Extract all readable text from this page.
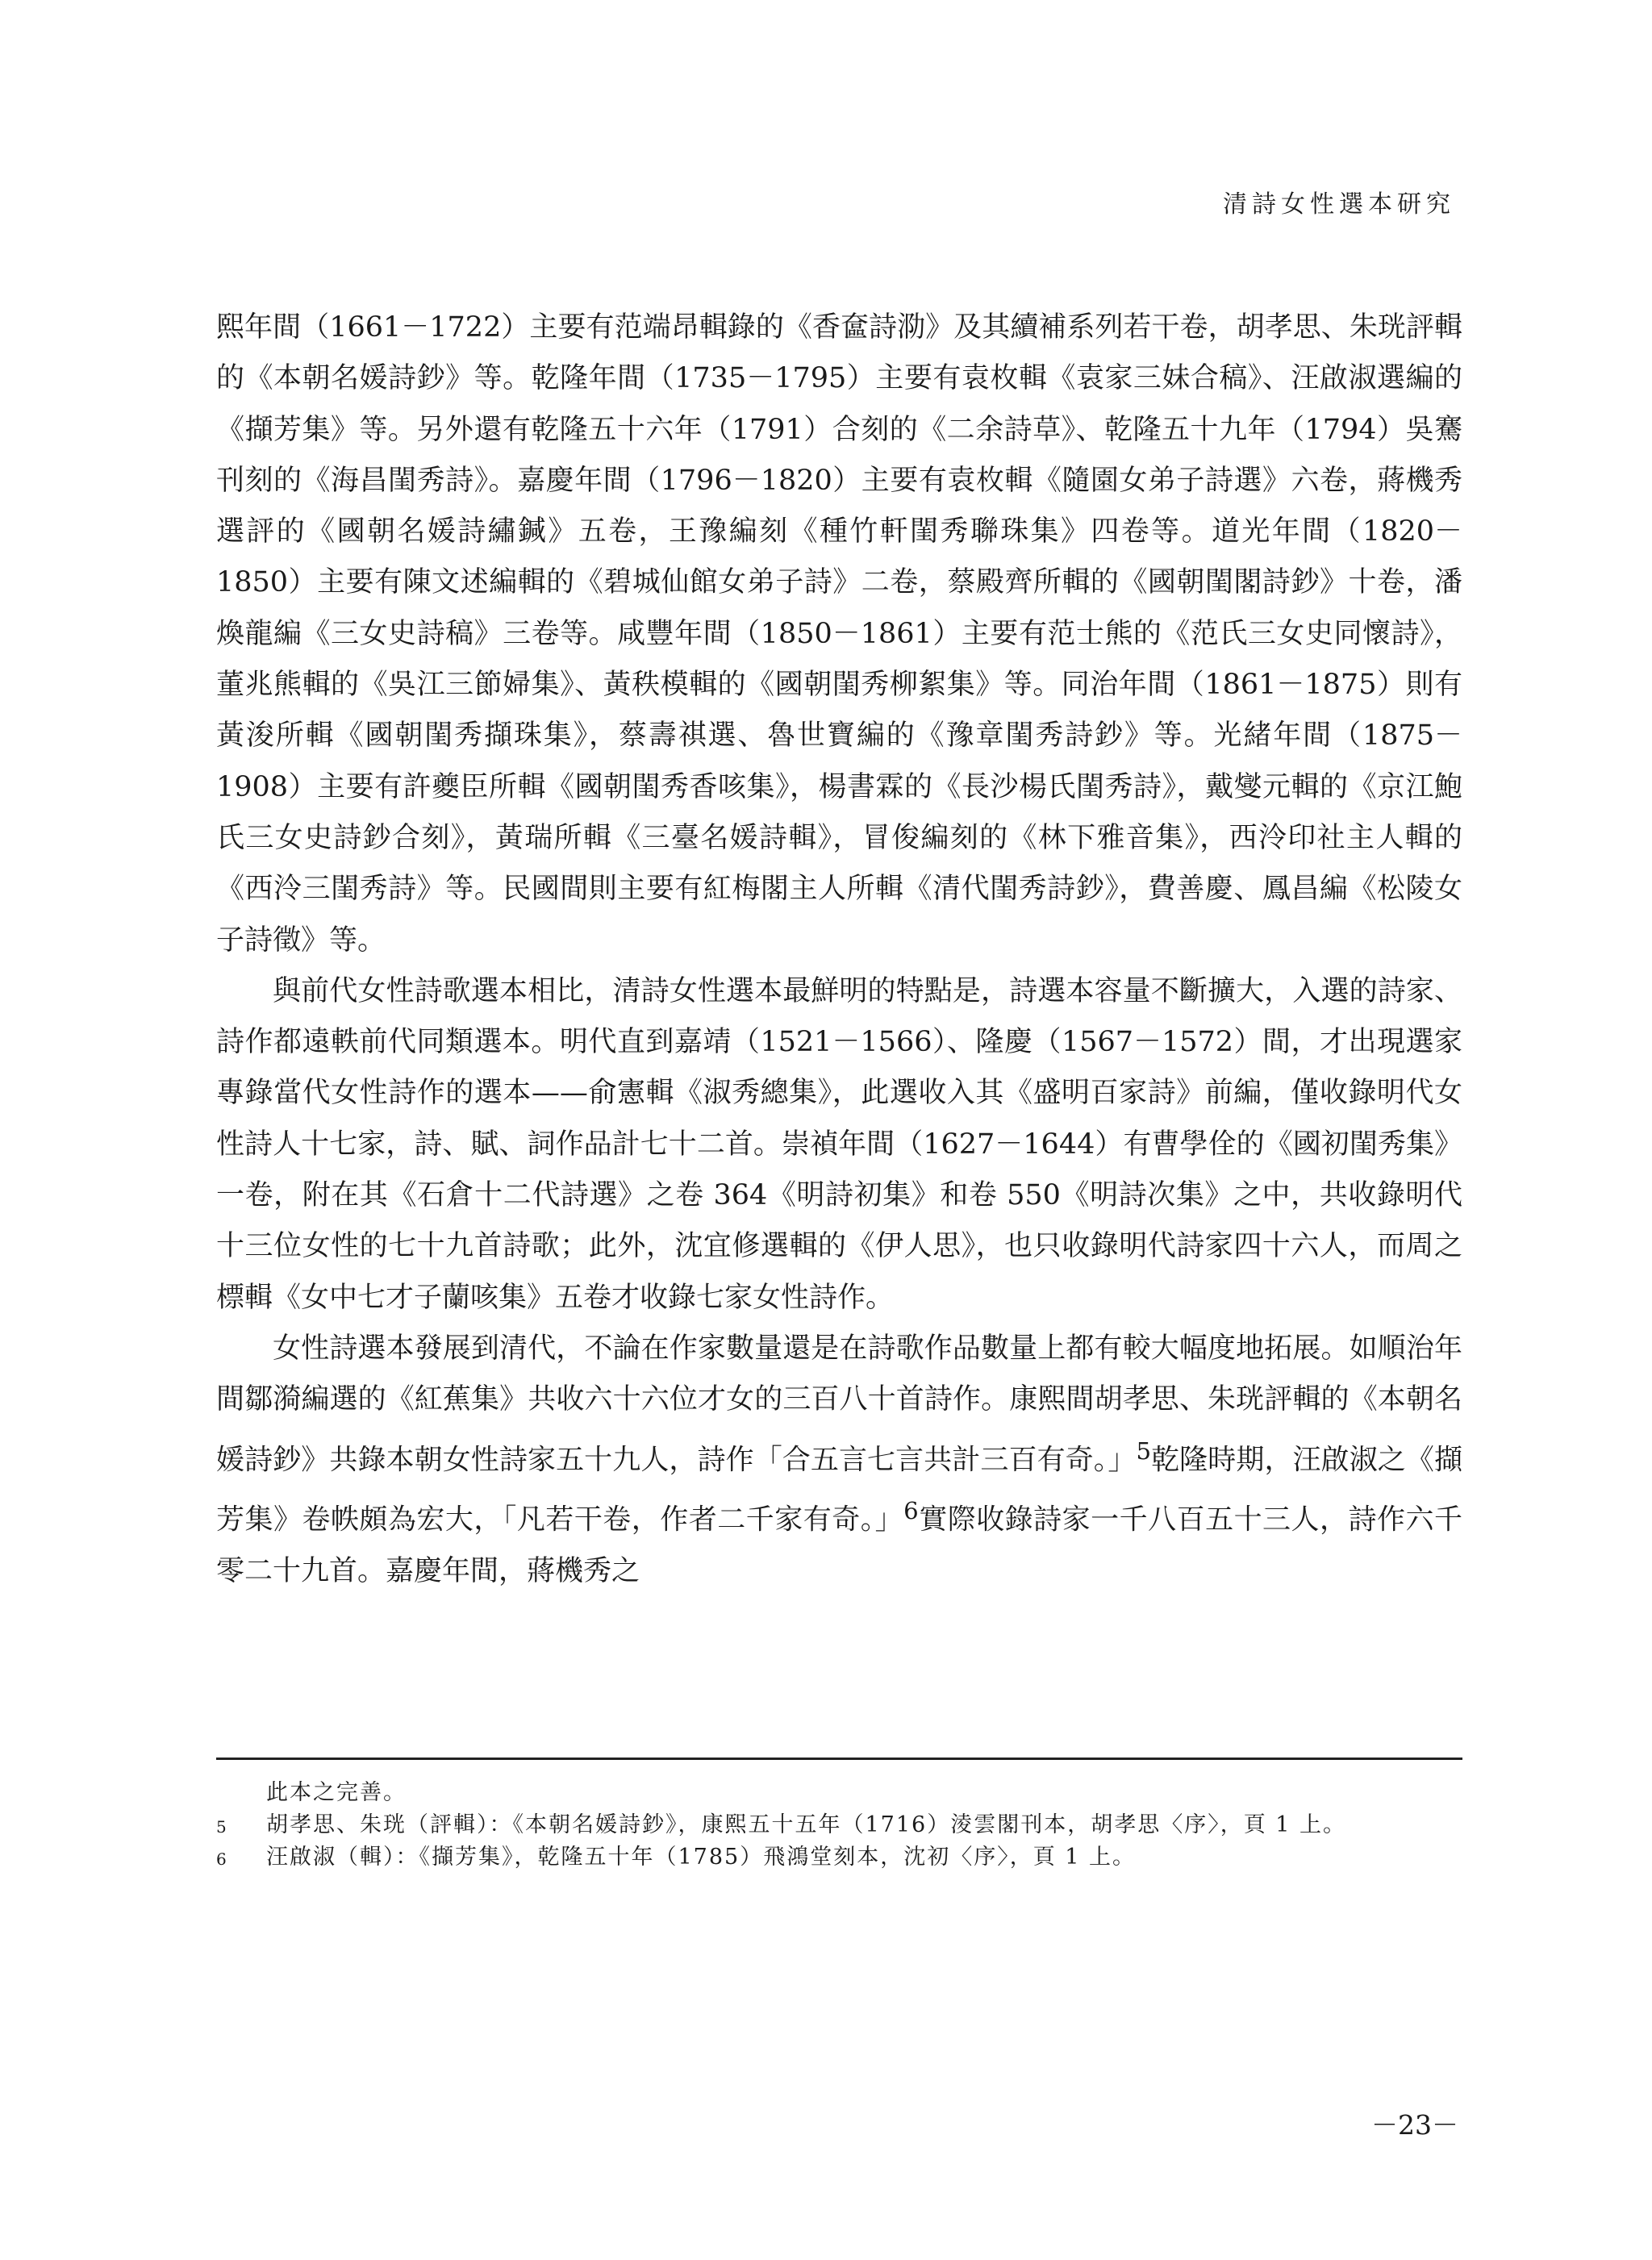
清詩女性選本研究

熙年間（1661－1722）主要有范端昂輯錄的《香奩詩泐》及其續補系列若干卷，胡孝思、朱珖評輯的《本朝名媛詩鈔》等。乾隆年間（1735－1795）主要有袁枚輯《袁家三妹合稿》、汪啟淑選編的《擷芳集》等。另外還有乾隆五十六年（1791）合刻的《二余詩草》、乾隆五十九年（1794）吳騫刊刻的《海昌閨秀詩》。嘉慶年間（1796－1820）主要有袁枚輯《隨園女弟子詩選》六卷，蔣機秀選評的《國朝名媛詩繡鍼》五卷，王豫編刻《種竹軒閨秀聯珠集》四卷等。道光年間（1820－1850）主要有陳文述編輯的《碧城仙館女弟子詩》二卷，蔡殿齊所輯的《國朝閨閣詩鈔》十卷，潘煥龍編《三女史詩稿》三卷等。咸豐年間（1850－1861）主要有范士熊的《范氏三女史同懷詩》，董兆熊輯的《吳江三節婦集》、黃秩模輯的《國朝閨秀柳絮集》等。同治年間（1861－1875）則有黃浚所輯《國朝閨秀擷珠集》，蔡壽祺選、魯世寶編的《豫章閨秀詩鈔》等。光緒年間（1875－1908）主要有許夔臣所輯《國朝閨秀香咳集》，楊書霖的《長沙楊氏閨秀詩》，戴燮元輯的《京江鮑氏三女史詩鈔合刻》，黃瑞所輯《三臺名媛詩輯》，冒俊編刻的《林下雅音集》，西泠印社主人輯的《西泠三閨秀詩》等。民國間則主要有紅梅閣主人所輯《清代閨秀詩鈔》，費善慶、鳳昌編《松陵女子詩徵》等。

與前代女性詩歌選本相比，清詩女性選本最鮮明的特點是，詩選本容量不斷擴大，入選的詩家、詩作都遠軼前代同類選本。明代直到嘉靖（1521－1566）、隆慶（1567－1572）間，才出現選家專錄當代女性詩作的選本——俞憲輯《淑秀總集》，此選收入其《盛明百家詩》前編，僅收錄明代女性詩人十七家，詩、賦、詞作品計七十二首。崇禎年間（1627－1644）有曹學佺的《國初閨秀集》一卷，附在其《石倉十二代詩選》之卷 364《明詩初集》和卷 550《明詩次集》之中，共收錄明代十三位女性的七十九首詩歌；此外，沈宜修選輯的《伊人思》，也只收錄明代詩家四十六人，而周之標輯《女中七才子蘭咳集》五卷才收錄七家女性詩作。

女性詩選本發展到清代，不論在作家數量還是在詩歌作品數量上都有較大幅度地拓展。如順治年間鄒漪編選的《紅蕉集》共收六十六位才女的三百八十首詩作。康熙間胡孝思、朱珖評輯的《本朝名媛詩鈔》共錄本朝女性詩家五十九人，詩作「合五言七言共計三百有奇。」$^5$乾隆時期，汪啟淑之《擷芳集》卷帙頗為宏大，「凡若干卷，作者二千家有奇。」$^6$實際收錄詩家一千八百五十三人，詩作六千零二十九首。嘉慶年間，蔣機秀之

此本之完善。

5 胡孝思、朱珖（評輯）：《本朝名媛詩鈔》，康熙五十五年（1716）淩雲閣刊本，胡孝思〈序〉，頁 1 上。

6 汪啟淑（輯）：《擷芳集》，乾隆五十年（1785）飛鴻堂刻本，沈初〈序〉，頁 1 上。

－23－
